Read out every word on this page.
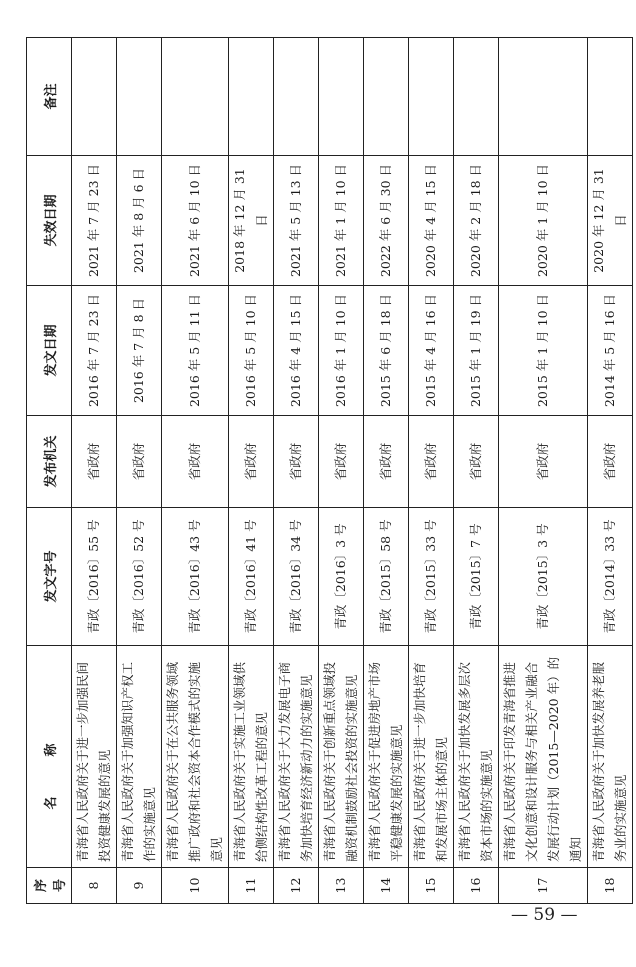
序号	名称	发文字号	发布机关	发文日期	失效日期	备注
8	青海省人民政府关于进一步加强民间投资健康发展的意见	青政〔2016〕55 号	省政府	2016 年 7 月 23 日	2021 年 7 月 23 日	
9	青海省人民政府关于加强知识产权工作的实施意见	青政〔2016〕52 号	省政府	2016 年 7 月 8 日	2021 年 8 月 6 日	
10	青海省人民政府关于在公共服务领域推广政府和社会资本合作模式的实施意见	青政〔2016〕43 号	省政府	2016 年 5 月 11 日	2021 年 6 月 10 日	
11	青海省人民政府关于实施工业领域供给侧结构性改革工程的意见	青政〔2016〕41 号	省政府	2016 年 5 月 10 日	2018 年 12 月 31 日	
12	青海省人民政府关于大力发展电子商务加快培育经济新动力的实施意见	青政〔2016〕34 号	省政府	2016 年 4 月 15 日	2021 年 5 月 13 日	
13	青海省人民政府关于创新重点领域投融资机制鼓励社会投资的实施意见	青政〔2016〕3 号	省政府	2016 年 1 月 10 日	2021 年 1 月 10 日	
14	青海省人民政府关于促进房地产市场平稳健康发展的实施意见	青政〔2015〕58 号	省政府	2015 年 6 月 18 日	2022 年 6 月 30 日	
15	青海省人民政府关于进一步加快培育和发展市场主体的意见	青政〔2015〕33 号	省政府	2015 年 4 月 16 日	2020 年 4 月 15 日	
16	青海省人民政府关于加快发展多层次资本市场的实施意见	青政〔2015〕7 号	省政府	2015 年 1 月 19 日	2020 年 2 月 18 日	
17	青海省人民政府关于印发青海省推进文化创意和设计服务与相关产业融合发展行动计划（2015—2020 年）的通知	青政〔2015〕3 号	省政府	2015 年 1 月 10 日	2020 年 1 月 10 日	
18	青海省人民政府关于加快发展养老服务业的实施意见	青政〔2014〕33 号	省政府	2014 年 5 月 16 日	2020 年 12 月 31 日	
— 59 —
